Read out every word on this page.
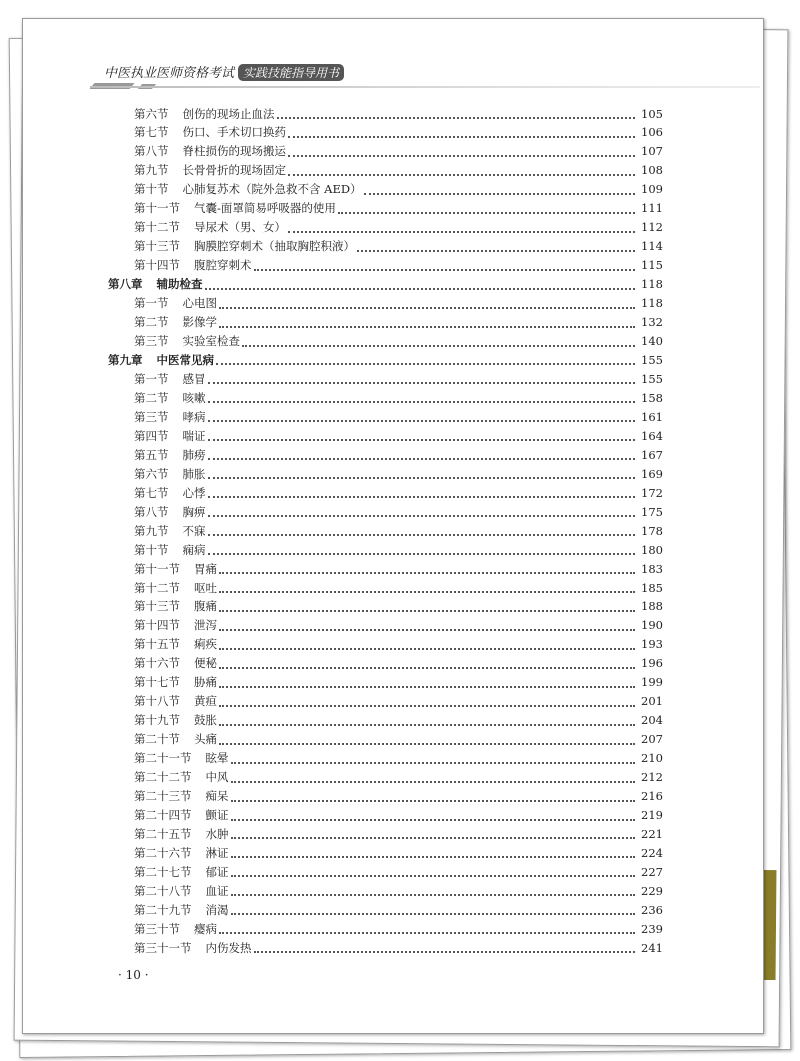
中医执业医师资格考试 实践技能指导用书
第六节 创伤的现场止血法	105
第七节 伤口、手术切口换药	106
第八节 脊柱损伤的现场搬运	107
第九节 长骨骨折的现场固定	108
第十节 心肺复苏术（院外急救不含 AED）	109
第十一节 气囊-面罩简易呼吸器的使用	111
第十二节 导尿术（男、女）	112
第十三节 胸膜腔穿刺术（抽取胸腔积液）	114
第十四节 腹腔穿刺术	115
第八章 辅助检查	118
第一节 心电图	118
第二节 影像学	132
第三节 实验室检查	140
第九章 中医常见病	155
第一节 感冒	155
第二节 咳嗽	158
第三节 哮病	161
第四节 喘证	164
第五节 肺痨	167
第六节 肺胀	169
第七节 心悸	172
第八节 胸痹	175
第九节 不寐	178
第十节 痫病	180
第十一节 胃痛	183
第十二节 呕吐	185
第十三节 腹痛	188
第十四节 泄泻	190
第十五节 痢疾	193
第十六节 便秘	196
第十七节 胁痛	199
第十八节 黄疸	201
第十九节 鼓胀	204
第二十节 头痛	207
第二十一节 眩晕	210
第二十二节 中风	212
第二十三节 痴呆	216
第二十四节 颤证	219
第二十五节 水肿	221
第二十六节 淋证	224
第二十七节 郁证	227
第二十八节 血证	229
第二十九节 消渴	236
第三十节 瘿病	239
第三十一节 内伤发热	241
· 10 ·
